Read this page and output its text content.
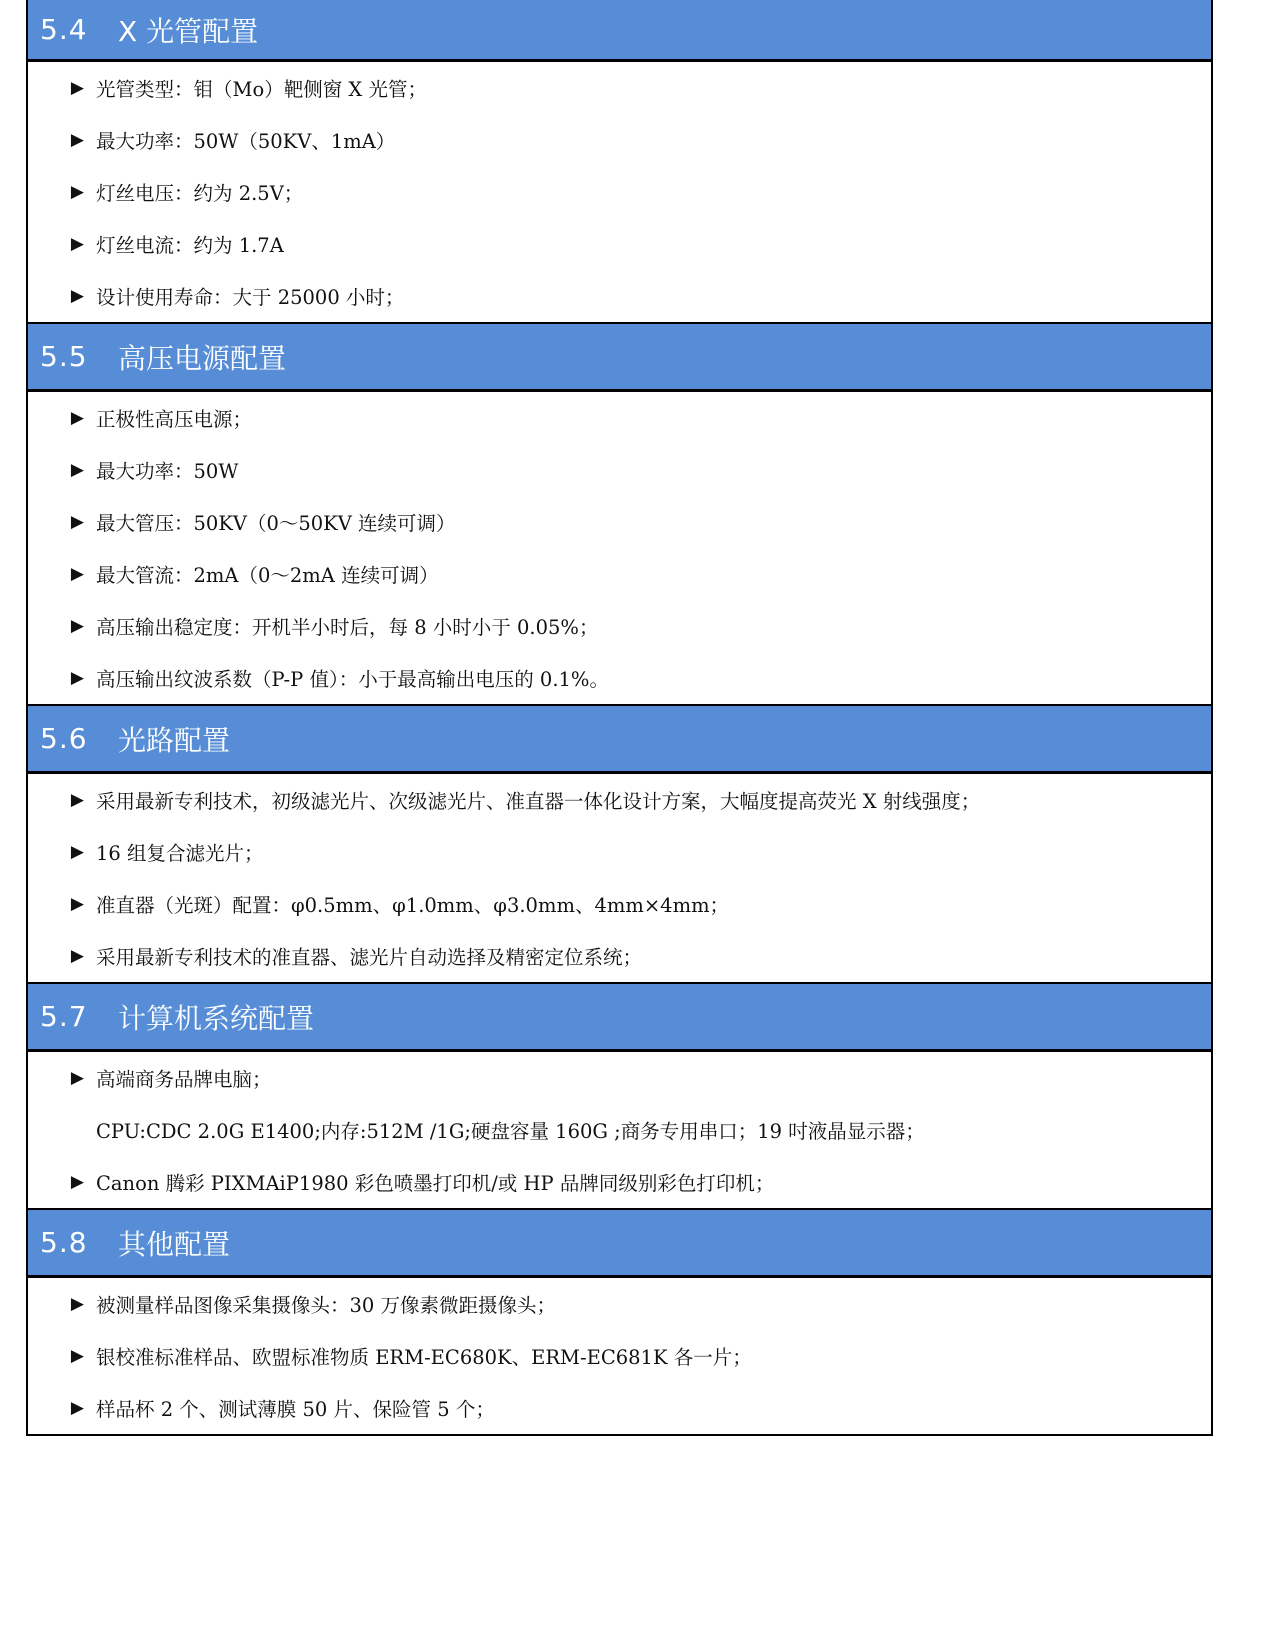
5.4	X 光管配置
▶ 光管类型：钼（Mo）靶侧窗 X 光管；
▶ 最大功率：50W（50KV、1mA）
▶ 灯丝电压：约为 2.5V；
▶ 灯丝电流：约为 1.7A
▶ 设计使用寿命：大于 25000 小时；
5.5	高压电源配置
▶ 正极性高压电源；
▶ 最大功率：50W
▶ 最大管压：50KV（0～50KV 连续可调）
▶ 最大管流：2mA（0～2mA 连续可调）
▶ 高压输出稳定度：开机半小时后，每 8 小时小于 0.05%；
▶ 高压输出纹波系数（P-P 值）：小于最高输出电压的 0.1%。
5.6	光路配置
▶ 采用最新专利技术，初级滤光片、次级滤光片、准直器一体化设计方案，大幅度提高荧光 X 射线强度；
▶ 16 组复合滤光片；
▶ 准直器（光斑）配置：φ0.5mm、φ1.0mm、φ3.0mm、4mm×4mm；
▶ 采用最新专利技术的准直器、滤光片自动选择及精密定位系统；
5.7	计算机系统配置
▶ 高端商务品牌电脑；
CPU:CDC 2.0G E1400;内存:512M /1G;硬盘容量 160G ;商务专用串口；19 吋液晶显示器；
▶ Canon 腾彩 PIXMAiP1980 彩色喷墨打印机/或 HP 品牌同级别彩色打印机；
5.8	其他配置
▶ 被测量样品图像采集摄像头：30 万像素微距摄像头；
▶ 银校准标准样品、欧盟标准物质 ERM-EC680K、ERM-EC681K 各一片；
▶ 样品杯 2 个、测试薄膜 50 片、保险管 5 个；
